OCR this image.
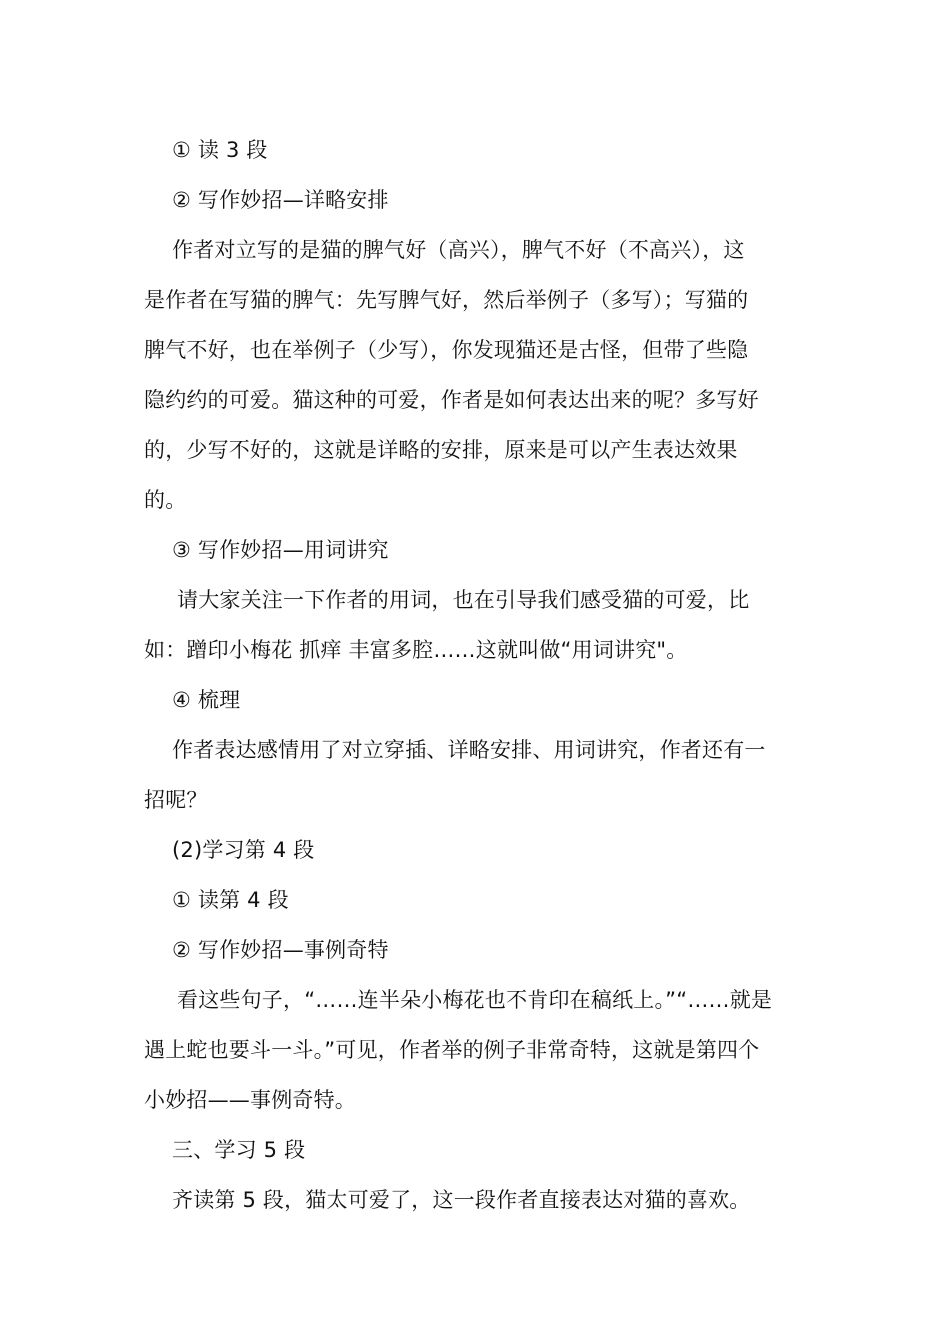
① 读 3 段
② 写作妙招—详略安排
作者对立写的是猫的脾气好（高兴），脾气不好（不高兴），这
是作者在写猫的脾气：先写脾气好，然后举例子（多写）；写猫的
脾气不好，也在举例子（少写），你发现猫还是古怪，但带了些隐
隐约约的可爱。猫这种的可爱，作者是如何表达出来的呢？多写好
的，少写不好的，这就是详略的安排，原来是可以产生表达效果
的。
③ 写作妙招—用词讲究
请大家关注一下作者的用词，也在引导我们感受猫的可爱，比
如：蹭印小梅花 抓痒 丰富多腔……这就叫做“用词讲究"。
④ 梳理
作者表达感情用了对立穿插、详略安排、用词讲究，作者还有一
招呢？
(2)学习第 4 段
① 读第 4 段
② 写作妙招—事例奇特
看这些句子，“……连半朵小梅花也不肯印在稿纸上。”“……就是
遇上蛇也要斗一斗。”可见，作者举的例子非常奇特，这就是第四个
小妙招——事例奇特。
三、学习 5 段
齐读第 5 段，猫太可爱了，这一段作者直接表达对猫的喜欢。
